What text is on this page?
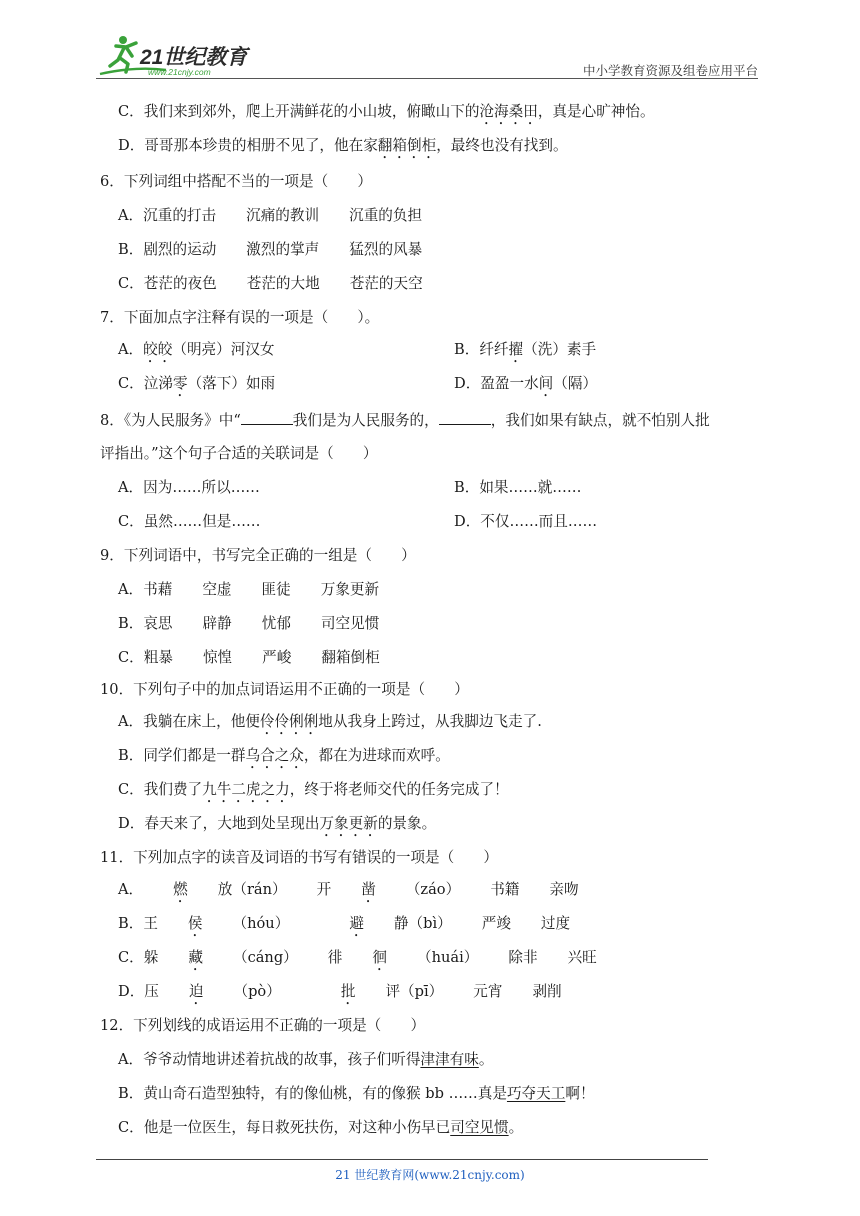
21世纪教育
www.21cnjy.com	中小学教育资源及组卷应用平台
C．我们来到郊外，爬上开满鲜花的小山坡，俯瞰山下的沧海桑田，真是心旷神怡。
D．哥哥那本珍贵的相册不见了，他在家翻箱倒柜，最终也没有找到。
6．下列词组中搭配不当的一项是（　　）
A．沉重的打击 沉痛的教训 沉重的负担
B．剧烈的运动 激烈的掌声 猛烈的风暴
C．苍茫的夜色 苍茫的大地 苍茫的天空
7．下面加点字注释有误的一项是（　　）。
A．皎皎（明亮）河汉女	B．纤纤擢（洗）素手
C．泣涕零（落下）如雨	D．盈盈一水间（隔）
8．《为人民服务》中“	我们是为人民服务的，	，我们如果有缺点，就不怕别人批
评指出。”这个句子合适的关联词是（　　）
A．因为……所以……	B．如果……就……
C．虽然……但是……	D．不仅……而且……
9．下列词语中，书写完全正确的一组是（　　）
A．书藉 空虚 匪徒 万象更新
B．哀思 辟静 忧郁 司空见惯
C．粗暴 惊惶 严峻 翻箱倒柜
10．下列句子中的加点词语运用不正确的一项是（　　）
A．我躺在床上，他便伶伶俐俐地从我身上跨过，从我脚边飞走了.
B．同学们都是一群乌合之众，都在为进球而欢呼。
C．我们费了九牛二虎之力，终于将老师交代的任务完成了！
D．春天来了，大地到处呈现出万象更新的景象。
11．下列加点字的读音及词语的书写有错误的一项是（　　）
A． 燃 放（rán） 开 凿 （záo） 书籍 亲吻
B．王 侯 （hóu）	避 静（bì） 严竣 过度
C．躲 藏 （cáng） 徘 徊 （huái） 除非 兴旺
D．压 迫 （pò）	批 评（pī） 元宵 剥削
12．下列划线的成语运用不正确的一项是（　　）
A．爷爷动情地讲述着抗战的故事，孩子们听得津津有味。
B．黄山奇石造型独特，有的像仙桃，有的像猴 bb ……真是巧夺天工啊！
C．他是一位医生，每日救死扶伤，对这种小伤早已司空见惯。
21 世纪教育网(www.21cnjy.com)
